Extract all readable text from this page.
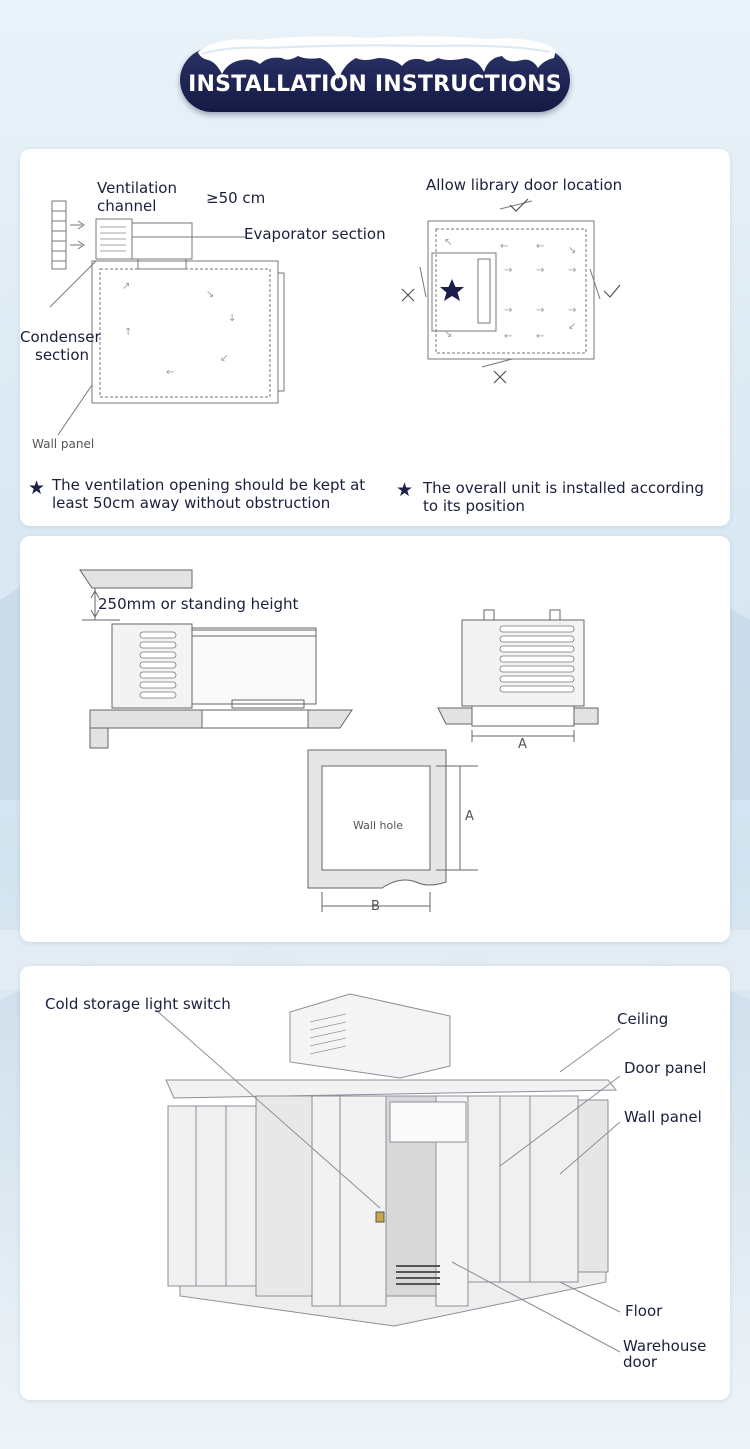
INSTALLATION INSTRUCTIONS
↗
↘
↓
↑
↙
←
←	← ↘
→ → →
→ → →
← ←
↙
↖
↘
Ventilation
channel	≥50 cm
Evaporator section
Condenser
section
Wall panel
Allow library door location
★ The ventilation opening should be kept at least 50cm away without obstruction
★ The overall unit is installed according to its position
250mm or standing height
A
Wall hole
A
B
Cold storage light switch
Ceiling
Door panel
Wall panel
Floor
Warehouse
door
